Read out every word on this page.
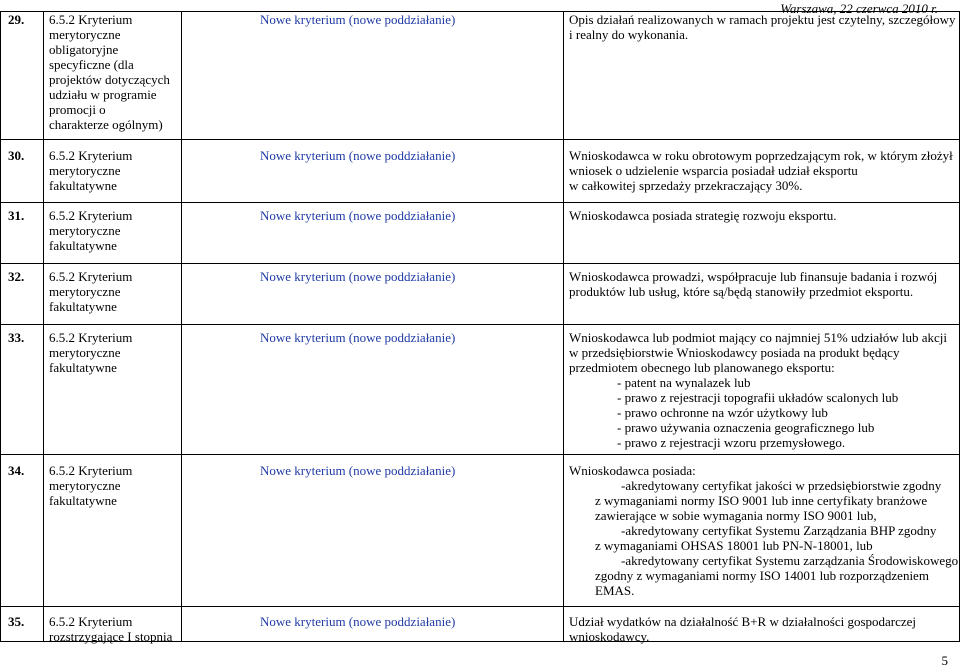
Warszawa, 22 czerwca 2010 r.
29. 6.5.2 Kryterium
merytoryczne
obligatoryjne
specyficzne (dla
projektów dotyczących
udziału w programie
promocji o
charakterze ogólnym)
Nowe kryterium (nowe poddziałanie)	Opis działań realizowanych w ramach projektu jest czytelny, szczegółowy
i realny do wykonania.
30. 6.5.2 Kryterium
merytoryczne
fakultatywne
Nowe kryterium (nowe poddziałanie)	Wnioskodawca w roku obrotowym poprzedzającym rok, w którym złożył
wniosek o udzielenie wsparcia posiadał udział eksportu
w całkowitej sprzedaży przekraczający 30%.
31. 6.5.2 Kryterium
merytoryczne
fakultatywne
Nowe kryterium (nowe poddziałanie)	Wnioskodawca posiada strategię rozwoju eksportu.
32. 6.5.2 Kryterium
merytoryczne
fakultatywne
Nowe kryterium (nowe poddziałanie)	Wnioskodawca prowadzi, współpracuje lub finansuje badania i rozwój
produktów lub usług, które są/będą stanowiły przedmiot eksportu.
33. 6.5.2 Kryterium
merytoryczne
fakultatywne
Nowe kryterium (nowe poddziałanie)	Wnioskodawca lub podmiot mający co najmniej 51% udziałów lub akcji
w przedsiębiorstwie Wnioskodawcy posiada na produkt będący
przedmiotem obecnego lub planowanego eksportu:
- patent na wynalazek lub
- prawo z rejestracji topografii układów scalonych lub
- prawo ochronne na wzór użytkowy lub
- prawo używania oznaczenia geograficznego lub
- prawo z rejestracji wzoru przemysłowego.
34. 6.5.2 Kryterium
merytoryczne
fakultatywne
Nowe kryterium (nowe poddziałanie)	Wnioskodawca posiada:
-akredytowany certyfikat jakości w przedsiębiorstwie zgodny
z wymaganiami normy ISO 9001 lub inne certyfikaty branżowe
zawierające w sobie wymagania normy ISO 9001 lub,
-akredytowany certyfikat Systemu Zarządzania BHP zgodny
z wymaganiami OHSAS 18001 lub PN-N-18001, lub
-akredytowany certyfikat Systemu zarządzania Środowiskowego
zgodny z wymaganiami normy ISO 14001 lub rozporządzeniem
EMAS.
35. 6.5.2 Kryterium
rozstrzygające I stopnia
Nowe kryterium (nowe poddziałanie)	Udział wydatków na działalność B+R w działalności gospodarczej
wnioskodawcy.
5
